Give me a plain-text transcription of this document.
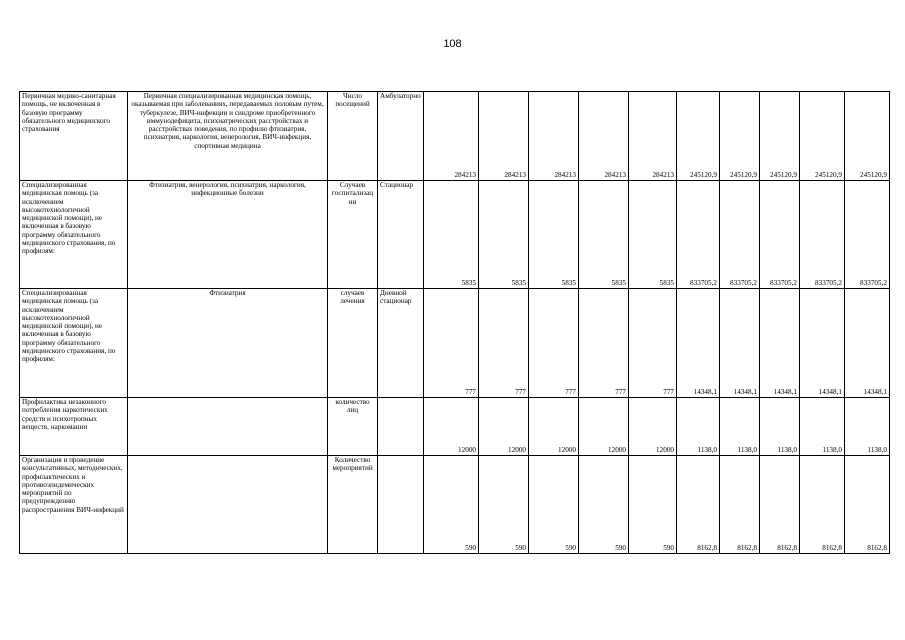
108
Первичная медико-санитарная помощь, не включенная в базовую программу обязательного медицинского страхования	Первичная специализированная медицинская помощь, оказываемая при заболеваниях, передаваемых половым путем, туберкулезе, ВИЧ-инфекции и синдроме приобретенного иммунодефицита, психиатрических расстройствах и расстройствах поведения, по профилю фтизиатрия, психиатрия, наркология, венерология, ВИЧ-инфекция, спортивная медицина	Число посещений	Амбулаторно	284213	284213	284213	284213	284213	245120,9	245120,9	245120,9	245120,9	245120,9
Специализированная медицинская помощь (за исключением высокотехнологичной медицинской помощи), не включенная в базовую программу обязательного медицинского страхования, по профилям:	Фтизиатрия, венерология, психиатрия, наркология, инфекционные болезни	Случаев госпитализации	Стационар	5835	5835	5835	5835	5835	833705,2	833705,2	833705,2	833705,2	833705,2
Специализированная медицинская помощь (за исключением высокотехнологичной медицинской помощи), не включенная в базовую программу обязательного медицинского страхования, по профилям:	Фтизиатрия	случаев лечения	Дневной стационар	777	777	777	777	777	14348,1	14348,1	14348,1	14348,1	14348,1
Профилактика незаконного потребления наркотических средств и психотропных веществ, наркомании		количество лиц		12000	12000	12000	12000	12000	1138,0	1138,0	1138,0	1138,0	1138,0
Организация и проведение консультативных, методических, профилактических и противоэпидемических мероприятий по предупреждению распространения ВИЧ-инфекций		Количество мероприятий		590	590	590	590	590	8162,8	8162,8	8162,8	8162,8	8162,8
